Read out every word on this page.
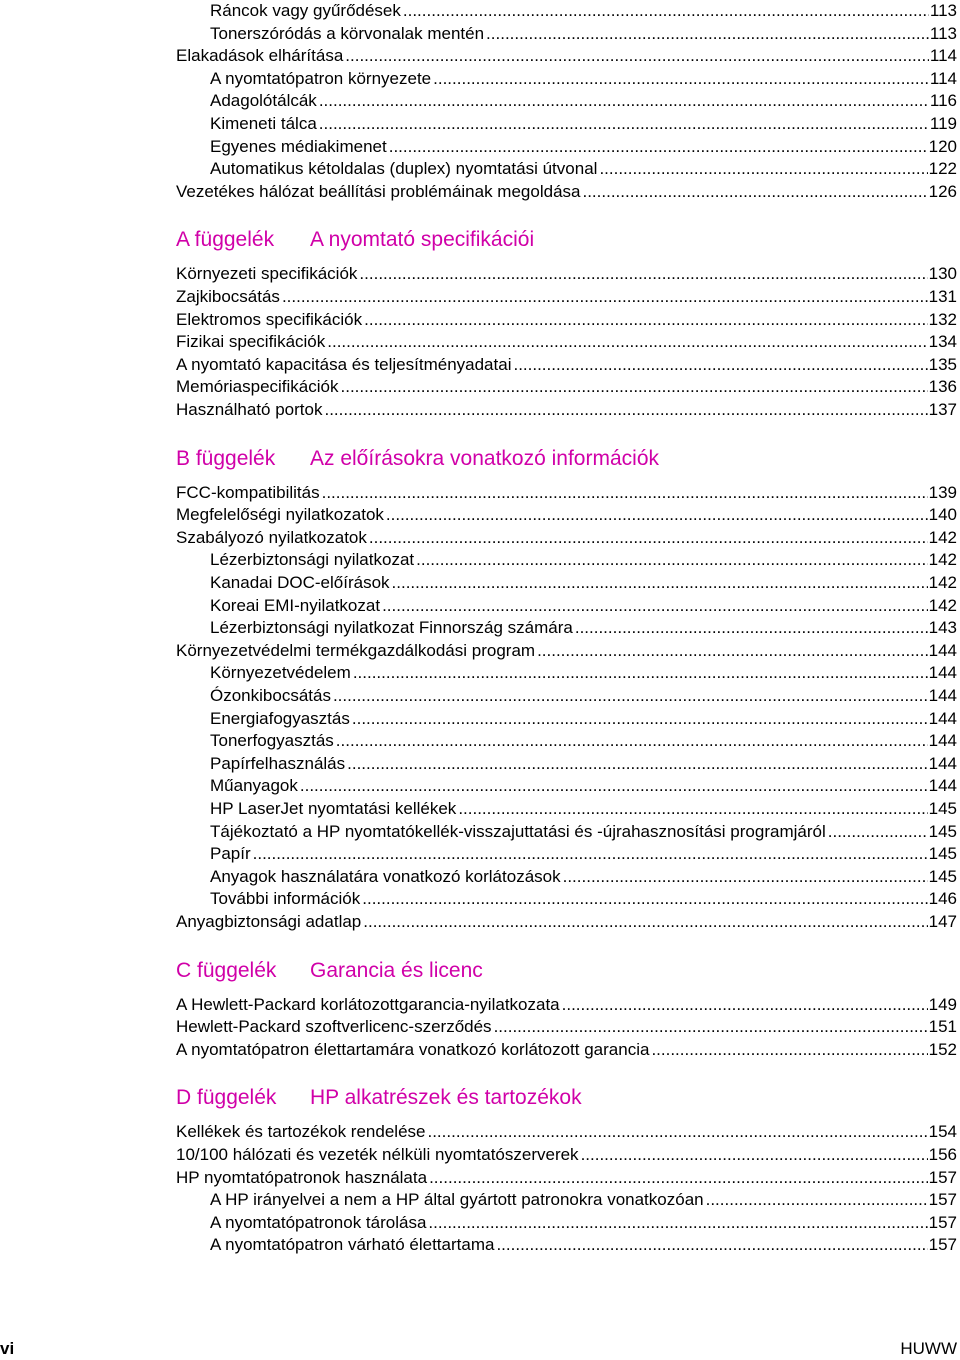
Ráncok vagy gyűrődések .....	113
Tonerszóródás a körvonalak mentén .....	113
Elakadások elhárítása .....	114
A nyomtatópatron környezete .....	114
Adagolótálcák .....	116
Kimeneti tálca .....	119
Egyenes médiakimenet .....	120
Automatikus kétoldalas (duplex) nyomtatási útvonal .....	122
Vezetékes hálózat beállítási problémáinak megoldása .....	126
A függelék A nyomtató specifikációi
Környezeti specifikációk .....	130
Zajkibocsátás .....	131
Elektromos specifikációk .....	132
Fizikai specifikációk .....	134
A nyomtató kapacitása és teljesítményadatai .....	135
Memóriaspecifikációk .....	136
Használható portok .....	137
B függelék Az előírásokra vonatkozó információk
FCC-kompatibilitás .....	139
Megfelelőségi nyilatkozatok .....	140
Szabályozó nyilatkozatok .....	142
Lézerbiztonsági nyilatkozat .....	142
Kanadai DOC-előírások .....	142
Koreai EMI-nyilatkozat .....	142
Lézerbiztonsági nyilatkozat Finnország számára .....	143
Környezetvédelmi termékgazdálkodási program .....	144
Környezetvédelem .....	144
Ózonkibocsátás .....	144
Energiafogyasztás .....	144
Tonerfogyasztás .....	144
Papírfelhasználás .....	144
Műanyagok .....	144
HP LaserJet nyomtatási kellékek .....	145
Tájékoztató a HP nyomtatókellék-visszajuttatási és -újrahasznosítási programjáról .....	145
Papír .....	145
Anyagok használatára vonatkozó korlátozások .....	145
További információk .....	146
Anyagbiztonsági adatlap .....	147
C függelék Garancia és licenc
A Hewlett-Packard korlátozottgarancia-nyilatkozata .....	149
Hewlett-Packard szoftverlicenc-szerződés .....	151
A nyomtatópatron élettartamára vonatkozó korlátozott garancia .....	152
D függelék HP alkatrészek és tartozékok
Kellékek és tartozékok rendelése .....	154
10/100 hálózati és vezeték nélküli nyomtatószerverek .....	156
HP nyomtatópatronok használata .....	157
A HP irányelvei a nem a HP által gyártott patronokra vonatkozóan .....	157
A nyomtatópatronok tárolása .....	157
A nyomtatópatron várható élettartama .....	157
vi	HUWW
